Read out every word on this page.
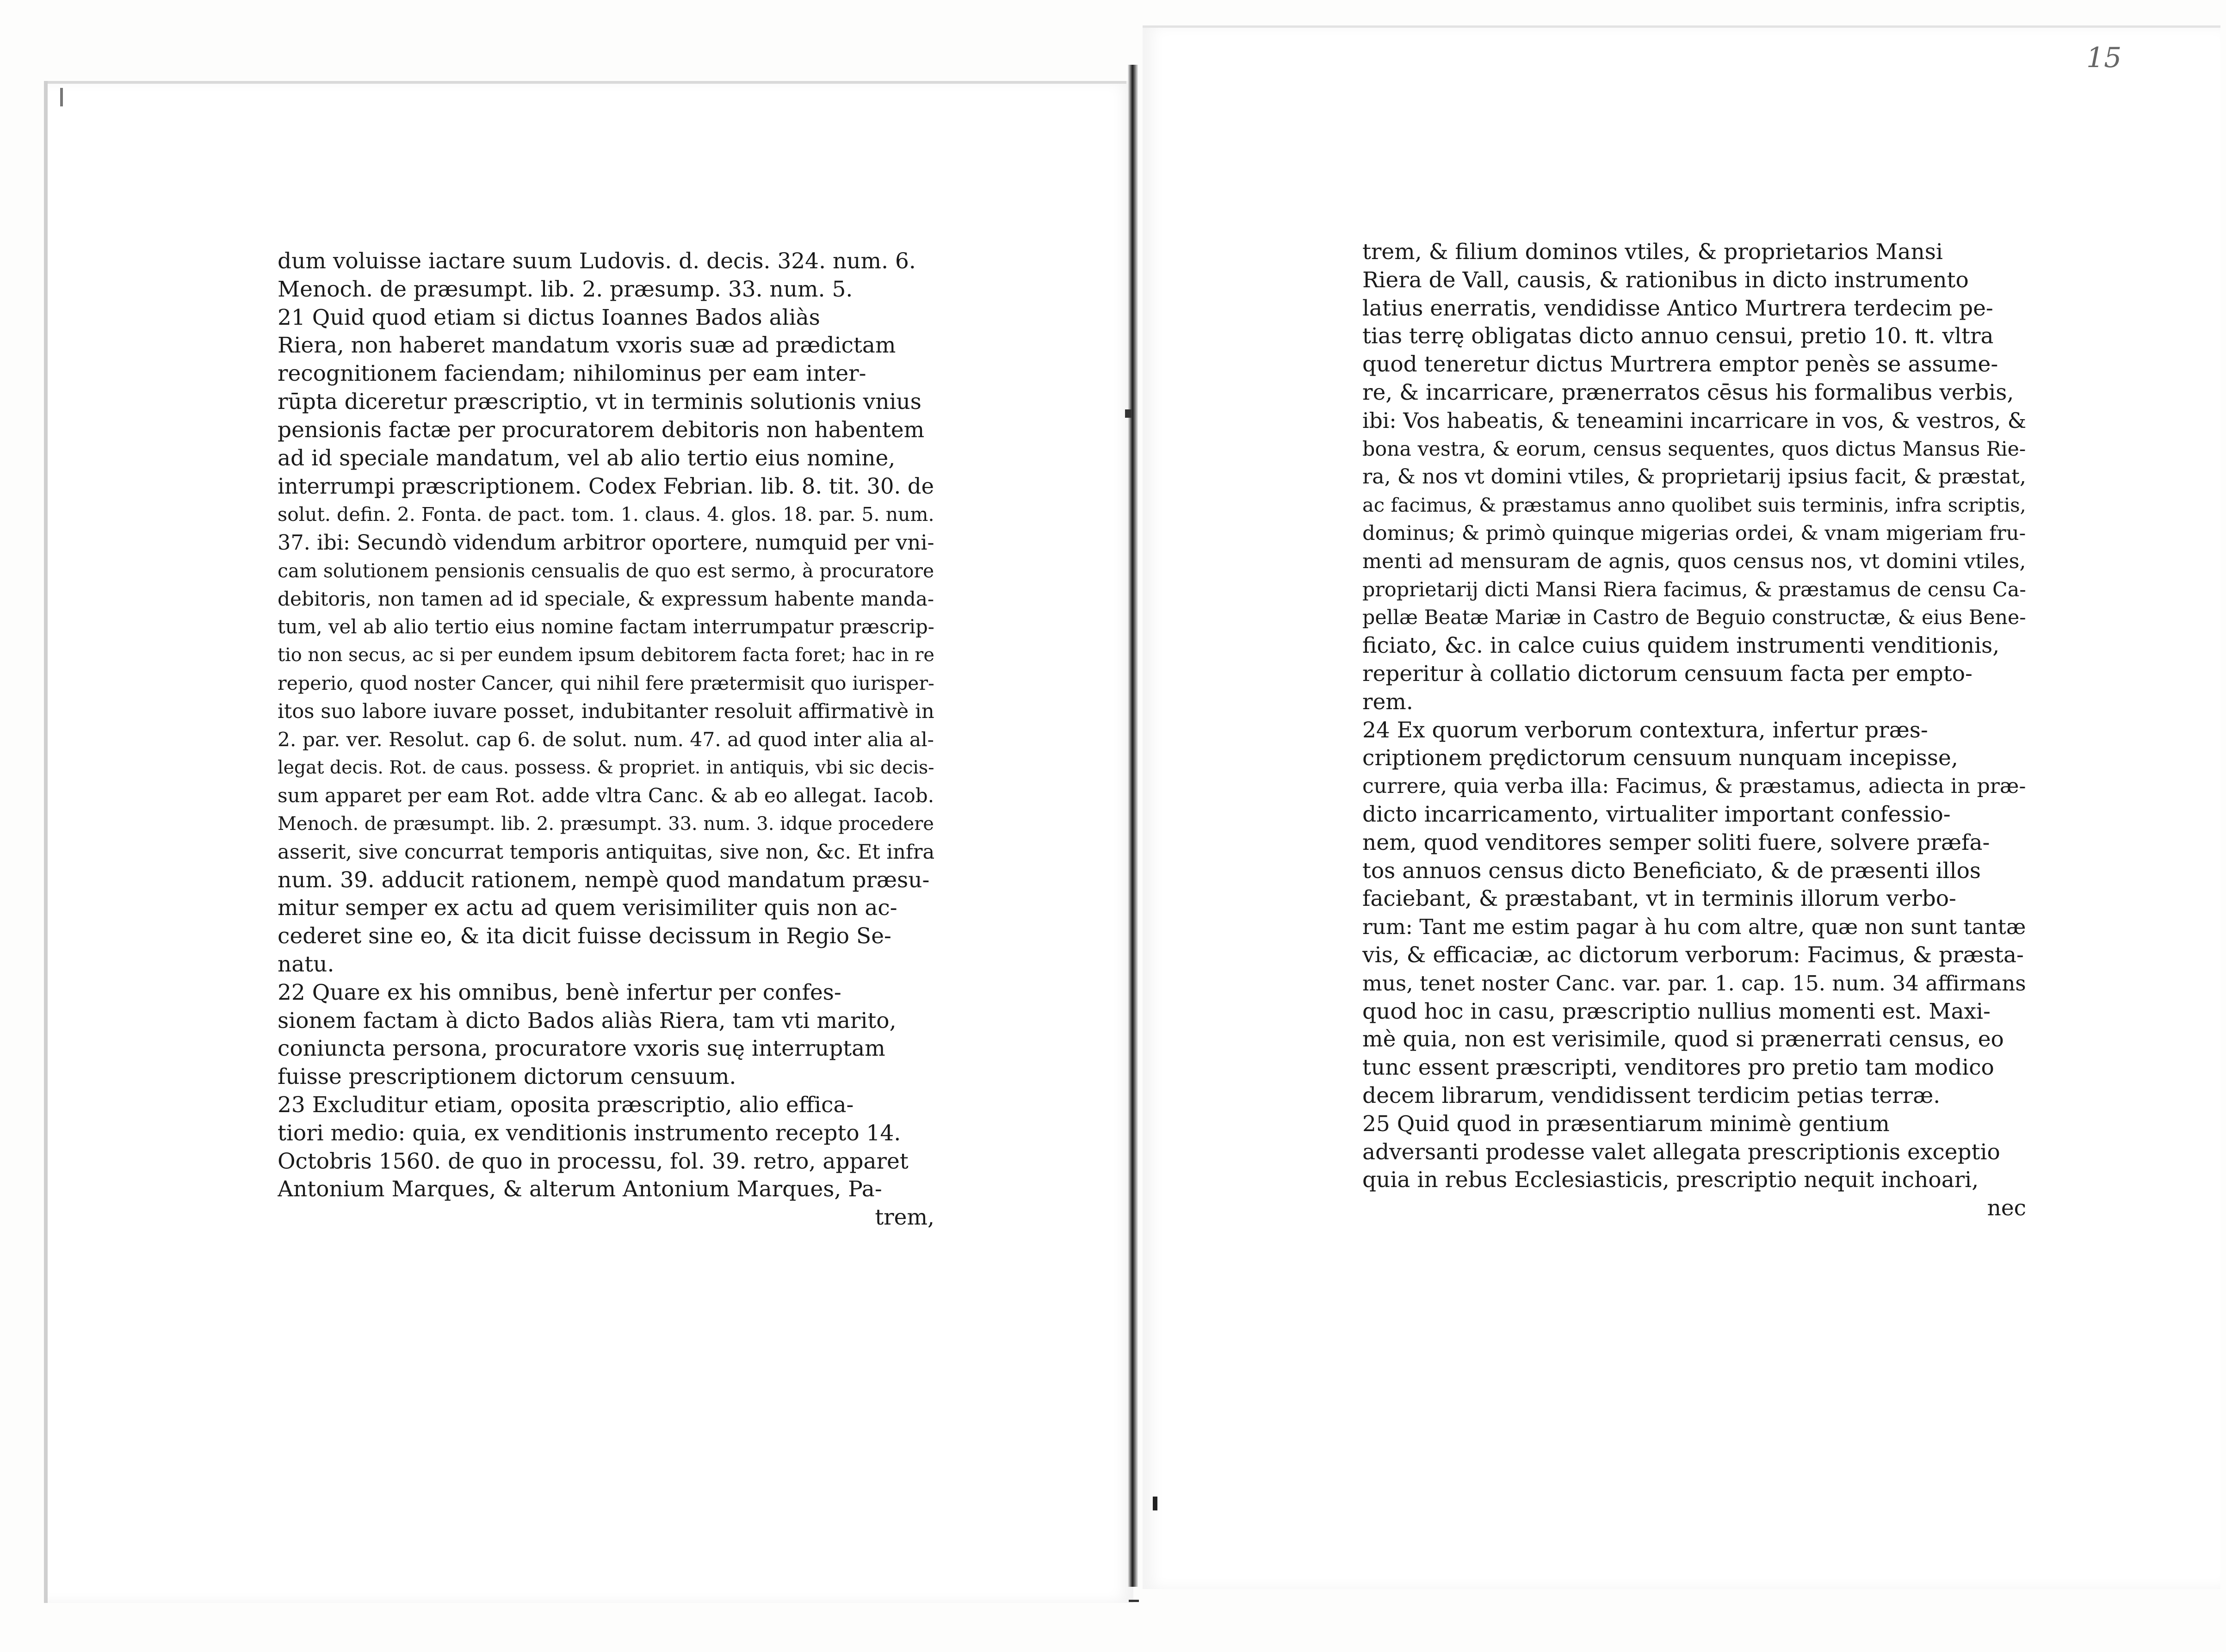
15
dum voluisse iactare suum Ludovis. d. decis. 324. num. 6.
Menoch. de præsumpt. lib. 2. præsump. 33. num. 5.
21 Quid quod etiam si dictus Ioannes Bados aliàs
Riera, non haberet mandatum vxoris suæ ad prædictam
recognitionem faciendam; nihilominus per eam inter-
rūpta diceretur præscriptio, vt in terminis solutionis vnius
pensionis factæ per procuratorem debitoris non habentem
ad id speciale mandatum, vel ab alio tertio eius nomine,
interrumpi præscriptionem. Codex Febrian. lib. 8. tit. 30. de
solut. defin. 2. Fonta. de pact. tom. 1. claus. 4. glos. 18. par. 5. num.
37. ibi: Secundò videndum arbitror oportere, numquid per vni-
cam solutionem pensionis censualis de quo est sermo, à procuratore
debitoris, non tamen ad id speciale, & expressum habente manda-
tum, vel ab alio tertio eius nomine factam interrumpatur præscrip-
tio non secus, ac si per eundem ipsum debitorem facta foret; hac in re
reperio, quod noster Cancer, qui nihil fere prætermisit quo iurisper-
itos suo labore iuvare posset, indubitanter resoluit affirmativè in
2. par. ver. Resolut. cap 6. de solut. num. 47. ad quod inter alia al-
legat decis. Rot. de caus. possess. & propriet. in antiquis, vbi sic decis-
sum apparet per eam Rot. adde vltra Canc. & ab eo allegat. Iacob.
Menoch. de præsumpt. lib. 2. præsumpt. 33. num. 3. idque procedere
asserit, sive concurrat temporis antiquitas, sive non, &c. Et infra
num. 39. adducit rationem, nempè quod mandatum præsu-
mitur semper ex actu ad quem verisimiliter quis non ac-
cederet sine eo, & ita dicit fuisse decissum in Regio Se-
natu.
22 Quare ex his omnibus, benè infertur per confes-
sionem factam à dicto Bados aliàs Riera, tam vti marito,
coniuncta persona, procuratore vxoris suę interruptam
fuisse prescriptionem dictorum censuum.
23 Excluditur etiam, oposita præscriptio, alio effica-
tiori medio: quia, ex venditionis instrumento recepto 14.
Octobris 1560. de quo in processu, fol. 39. retro, apparet
Antonium Marques, & alterum Antonium Marques, Pa-
trem,
trem, & filium dominos vtiles, & proprietarios Mansi
Riera de Vall, causis, & rationibus in dicto instrumento
latius enerratis, vendidisse Antico Murtrera terdecim pe-
tias terrę obligatas dicto annuo censui, pretio 10. ₶. vltra
quod teneretur dictus Murtrera emptor penès se assume-
re, & incarricare, prænerratos cēsus his formalibus verbis,
ibi: Vos habeatis, & teneamini incarricare in vos, & vestros, &
bona vestra, & eorum, census sequentes, quos dictus Mansus Rie-
ra, & nos vt domini vtiles, & proprietarij ipsius facit, & præstat,
ac facimus, & præstamus anno quolibet suis terminis, infra scriptis,
dominus; & primò quinque migerias ordei, & vnam migeriam fru-
menti ad mensuram de agnis, quos census nos, vt domini vtiles,
proprietarij dicti Mansi Riera facimus, & præstamus de censu Ca-
pellæ Beatæ Mariæ in Castro de Beguio constructæ, & eius Bene-
ficiato, &c. in calce cuius quidem instrumenti venditionis,
reperitur à collatio dictorum censuum facta per empto-
rem.
24 Ex quorum verborum contextura, infertur præs-
criptionem prędictorum censuum nunquam incepisse,
currere, quia verba illa: Facimus, & præstamus, adiecta in præ-
dicto incarricamento, virtualiter important confessio-
nem, quod venditores semper soliti fuere, solvere præfa-
tos annuos census dicto Beneficiato, & de præsenti illos
faciebant, & præstabant, vt in terminis illorum verbo-
rum: Tant me estim pagar à hu com altre, quæ non sunt tantæ
vis, & efficaciæ, ac dictorum verborum: Facimus, & præsta-
mus, tenet noster Canc. var. par. 1. cap. 15. num. 34 affirmans
quod hoc in casu, præscriptio nullius momenti est. Maxi-
mè quia, non est verisimile, quod si prænerrati census, eo
tunc essent præscripti, venditores pro pretio tam modico
decem librarum, vendidissent terdicim petias terræ.
25 Quid quod in præsentiarum minimè gentium
adversanti prodesse valet allegata prescriptionis exceptio
quia in rebus Ecclesiasticis, prescriptio nequit inchoari,
nec
